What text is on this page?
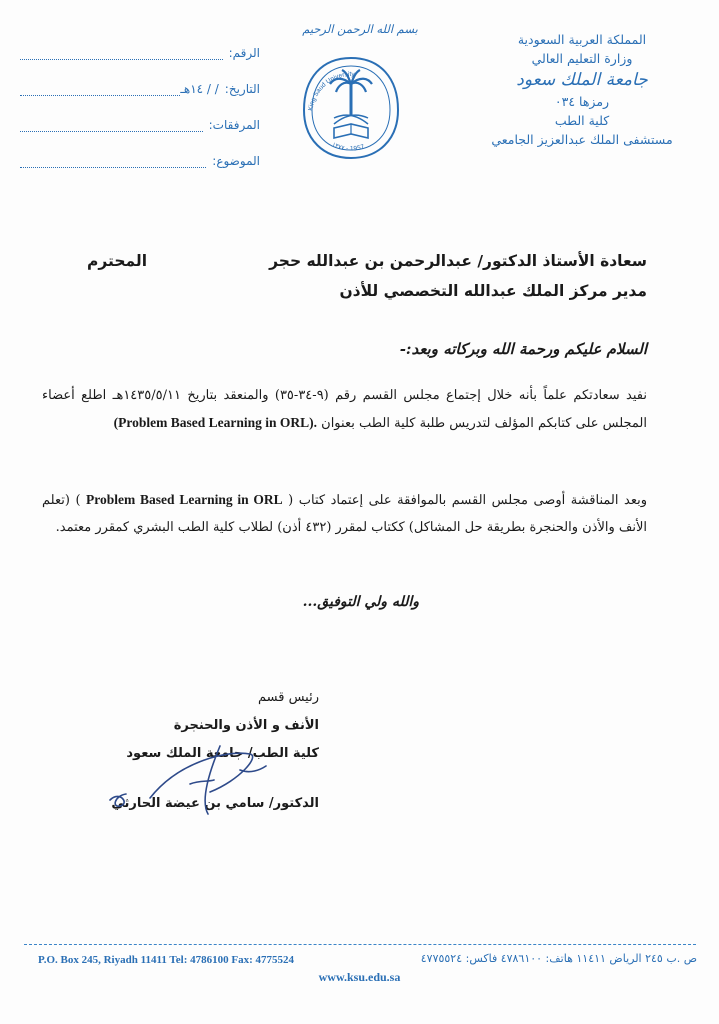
المملكة العربية السعودية
وزارة التعليم العالي
جامعة الملك سعود
رمزها ٠٣٤
كلية الطب
مستشفى الملك عبدالعزيز الجامعي
بسم الله الرحمن الرحيم
King Saud University
١٣٧٧ - 1957
الرقم:
التاريخ:
/ / ١٤هـ
المرفقات:
الموضوع:
سعادة الأستاذ الدكتور/ عبدالرحمن بن عبدالله حجر
المحترم
مدير مركز الملك عبدالله التخصصي للأذن
السلام عليكم ورحمة الله وبركاته وبعد:-
نفيد سعادتكم علماً بأنه خلال إجتماع مجلس القسم رقم (٩-٣٤-٣٥) والمنعقد بتاريخ ١٤٣٥/٥/١١هـ اطلع أعضاء المجلس على كتابكم المؤلف لتدريس طلبة كلية الطب بعنوان (Problem Based Learning in ORL).
وبعد المناقشة أوصى مجلس القسم بالموافقة على إعتماد كتاب ( Problem Based Learning in ORL ) (تعلم الأنف والأذن والحنجرة بطريقة حل المشاكل) ككتاب لمقرر (٤٣٢ أذن) لطلاب كلية الطب البشري كمقرر معتمد.
والله ولي التوفيق...
رئيس قسم
الأنف و الأذن والحنجرة
كلية الطب/ جامعة الملك سعود
الدكتور/ سامي بن عيضة الحارثي
P.O. Box 245, Riyadh 11411 Tel: 4786100 Fax: 4775524	ص .ب ٢٤٥ الرياض ١١٤١١ هاتف: ٤٧٨٦١٠٠ فاكس: ٤٧٧٥٥٢٤
www.ksu.edu.sa
